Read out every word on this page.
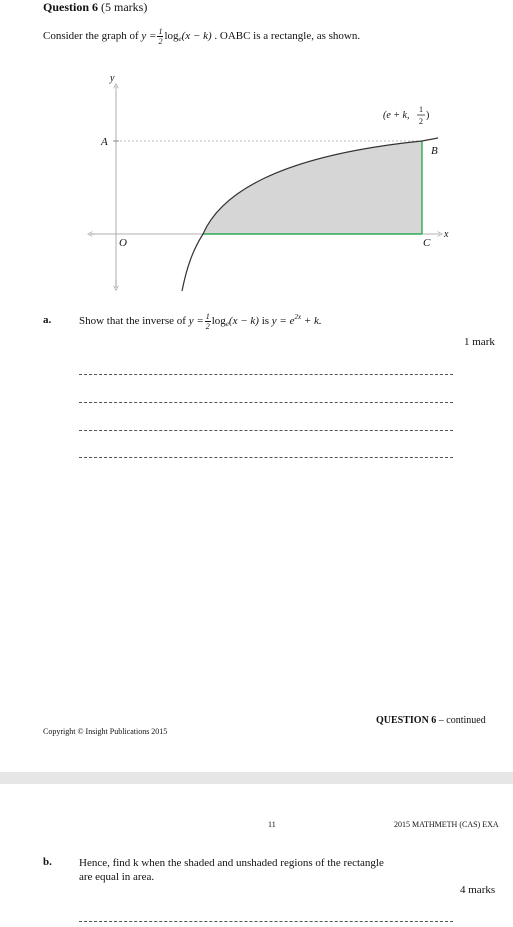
Question 6 (5 marks)
Consider the graph of $y = \frac{1}{2} \log_e(x - k)$ . OABC is a rectangle, as shown.
y
x
O
A
B
C
(e + k,
1
2
)
a.	Show that the inverse of $y = \frac{1}{2} \log_e(x - k)$ is $y = e^{2x} + k$.
1 mark
QUESTION 6 – continued
Copyright © Insight Publications 2015
11	2015 MATHMETH (CAS) EXA
b. Hence, find k when the shaded and unshaded regions of the rectangle
are equal in area.
4 marks
